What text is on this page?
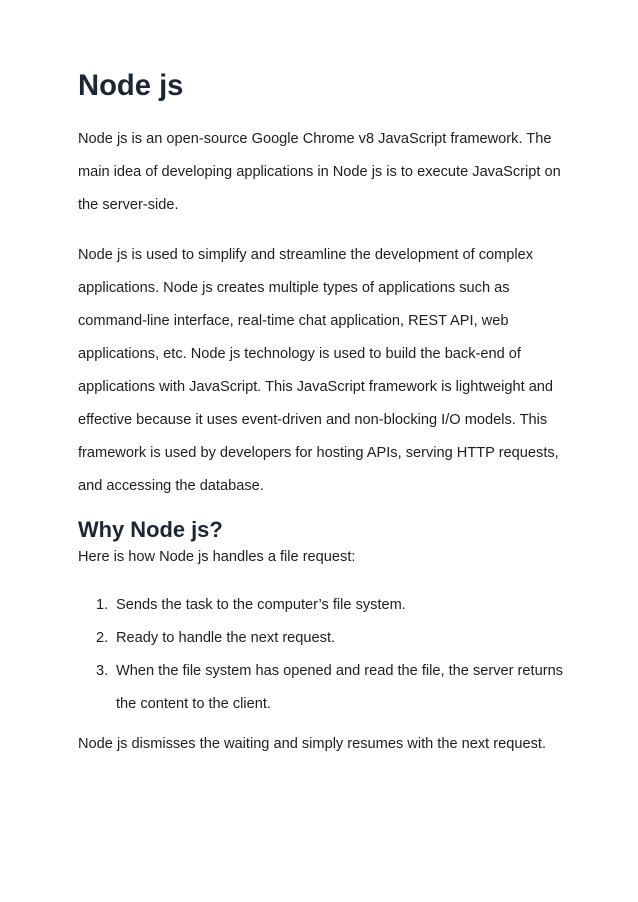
Node js

Node js is an open-source Google Chrome v8 JavaScript framework. The main idea of developing applications in Node js is to execute JavaScript on the server-side.

Node js is used to simplify and streamline the development of complex applications. Node js creates multiple types of applications such as command-line interface, real-time chat application, REST API, web applications, etc. Node js technology is used to build the back-end of applications with JavaScript. This JavaScript framework is lightweight and effective because it uses event-driven and non-blocking I/O models. This framework is used by developers for hosting APIs, serving HTTP requests, and accessing the database.

Why Node js?

Here is how Node js handles a file request:

1. Sends the task to the computer’s file system.
2. Ready to handle the next request.
3. When the file system has opened and read the file, the server returns the content to the client.

Node js dismisses the waiting and simply resumes with the next request.
